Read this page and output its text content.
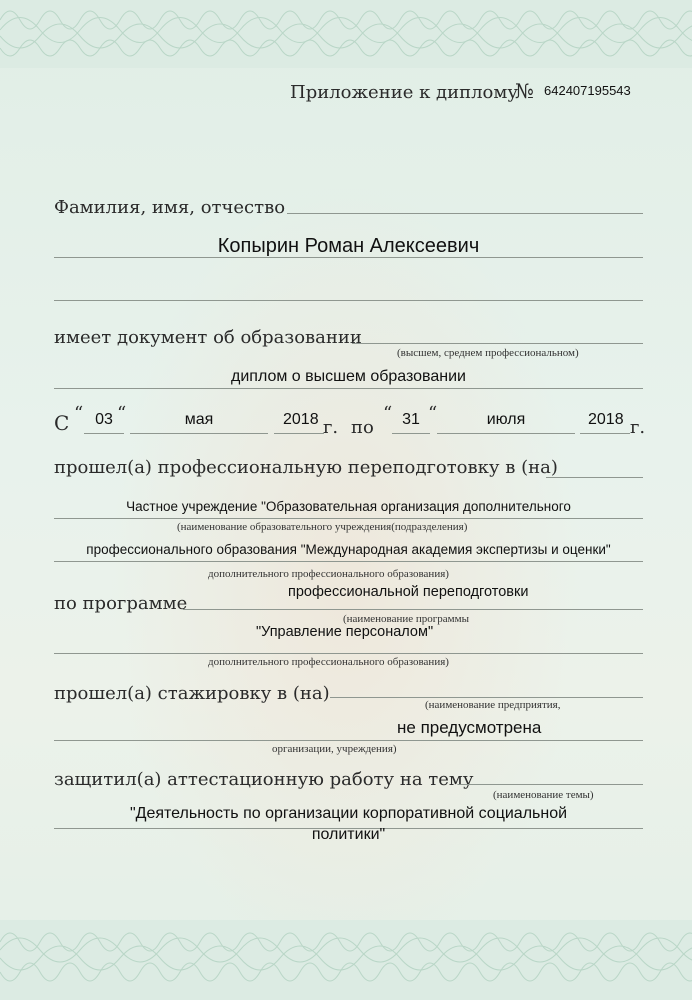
Приложение к диплому
№ 642407195543
Фамилия, имя, отчество
Копырин Роман Алексеевич
имеет документ об образовании
(высшем, среднем профессиональном)
диплом о высшем образовании
С “ 03 “	мая	2018 г. по
“ 31 “	июля	2018 г.
прошел(а) профессиональную переподготовку в (на)
Частное учреждение "Образовательная организация дополнительного
(наименование образовательного учреждения(подразделения)
профессионального образования "Международная академия экспертизы и оценки"
дополнительного профессионального образования)
по программе
профессиональной переподготовки
(наименование программы
"Управление персоналом"
дополнительного профессионального образования)
прошел(а) стажировку в (на)
(наименование предприятия,
не предусмотрена
организации, учреждения)
защитил(а) аттестационную работу на тему
(наименование темы)
"Деятельность по организации корпоративной социальной
политики"
